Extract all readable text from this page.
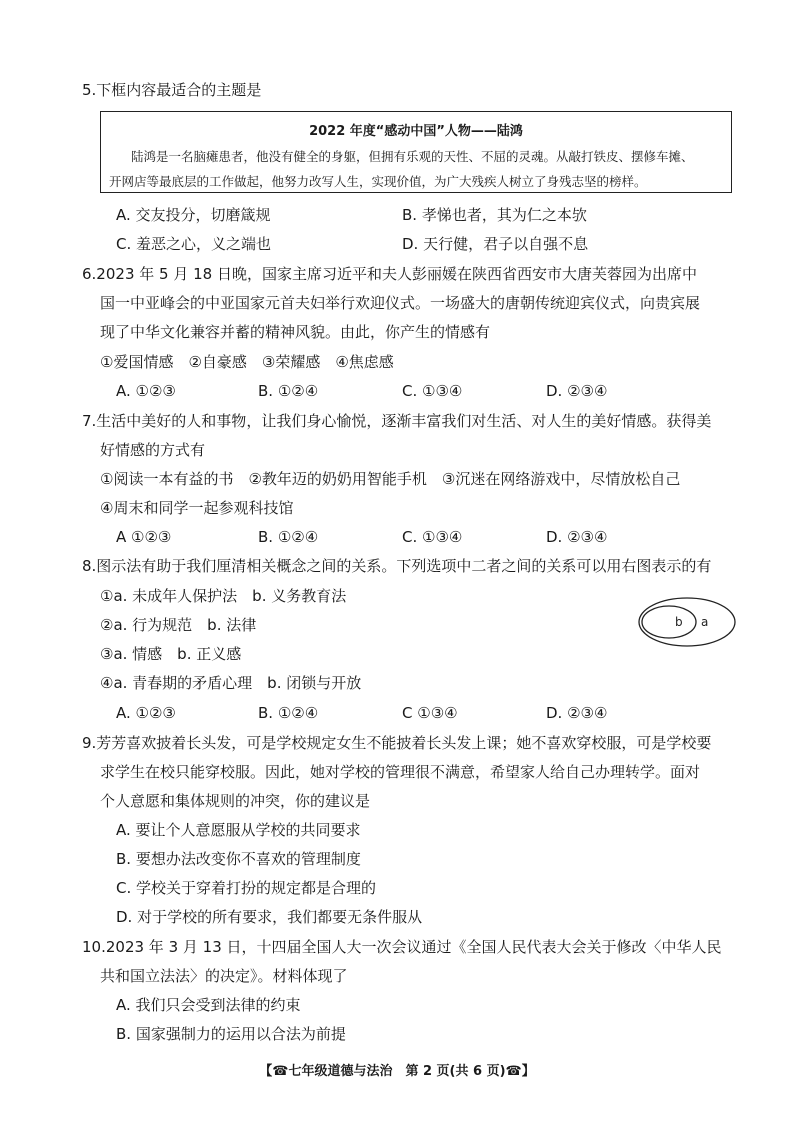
5.下框内容最适合的主题是
2022 年度“感动中国”人物——陆鸿
陆鸿是一名脑瘫患者，他没有健全的身躯，但拥有乐观的天性、不屈的灵魂。从敲打铁皮、摆修车摊、
开网店等最底层的工作做起，他努力改写人生，实现价值，为广大残疾人树立了身残志坚的榜样。
A. 交友投分，切磨箴规	B. 孝悌也者，其为仁之本欤
C. 羞恶之心，义之端也	D. 天行健，君子以自强不息
6.2023 年 5 月 18 日晚，国家主席习近平和夫人彭丽媛在陕西省西安市大唐芙蓉园为出席中
国一中亚峰会的中亚国家元首夫妇举行欢迎仪式。一场盛大的唐朝传统迎宾仪式，向贵宾展
现了中华文化兼容并蓄的精神风貌。由此，你产生的情感有
①爱国情感　②自豪感　③荣耀感　④焦虑感
A. ①②③	B. ①②④	C. ①③④	D. ②③④
7.生活中美好的人和事物，让我们身心愉悦，逐渐丰富我们对生活、对人生的美好情感。获得美
好情感的方式有
①阅读一本有益的书　②教年迈的奶奶用智能手机　③沉迷在网络游戏中，尽情放松自己
④周末和同学一起参观科技馆
A ①②③	B. ①②④	C. ①③④	D. ②③④
8.图示法有助于我们厘清相关概念之间的关系。下列选项中二者之间的关系可以用右图表示的有
①a. 未成年人保护法　b. 义务教育法
②a. 行为规范　b. 法律
③a. 情感　b. 正义感
④a. 青春期的矛盾心理　b. 闭锁与开放
A. ①②③	B. ①②④	C ①③④	D. ②③④
b a
9.芳芳喜欢披着长头发，可是学校规定女生不能披着长头发上课；她不喜欢穿校服，可是学校要
求学生在校只能穿校服。因此，她对学校的管理很不满意，希望家人给自己办理转学。面对
个人意愿和集体规则的冲突，你的建议是
A. 要让个人意愿服从学校的共同要求
B. 要想办法改变你不喜欢的管理制度
C. 学校关于穿着打扮的规定都是合理的
D. 对于学校的所有要求，我们都要无条件服从
10.2023 年 3 月 13 日，十四届全国人大一次会议通过《全国人民代表大会关于修改〈中华人民
共和国立法法〉的决定》。材料体现了
A. 我们只会受到法律的约束
B. 国家强制力的运用以合法为前提
【☎七年级道德与法治　第 2 页(共 6 页)☎】
